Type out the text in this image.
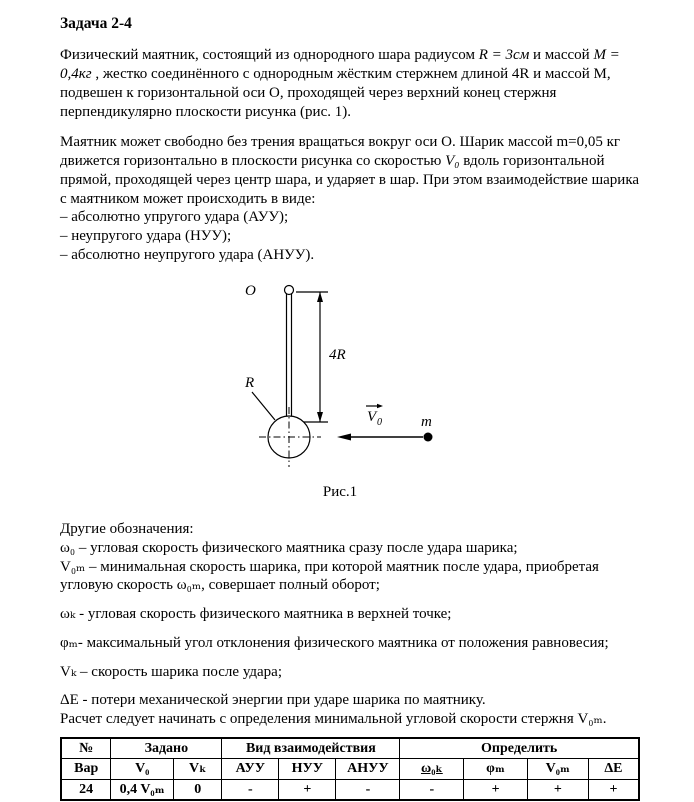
Задача 2-4

Физический маятник, состоящий из однородного шара радиусом R = 3см и массой М = 0,4кг , жестко соединённого с однородным жёстким стержнем длиной 4R и массой М, подвешен к горизонтальной оси О, проходящей через верхний конец стержня перпендикулярно плоскости рисунка (рис. 1).

Маятник может свободно без трения вращаться вокруг оси О. Шарик массой m=0,05 кг движется горизонтально в плоскости рисунка со скоростью V₀ вдоль горизонтальной прямой, проходящей через центр шара, и ударяет в шар. При этом взаимодействие шарика с маятником может происходить в виде:

– абсолютно упругого удара (АУУ);

– неупругого удара (НУУ);

– абсолютно неупругого удара (АНУУ).

O
4R
R
m
V 0
Рис.1

Другие обозначения:

ω₀ – угловая скорость физического маятника сразу после удара шарика;

V₀ₘ – минимальная скорость шарика, при которой маятник после удара, приобретая угловую скорость ω₀ₘ, совершает полный оборот;

ωₖ - угловая скорость физического маятника в верхней точке;

φₘ- максимальный угол отклонения физического маятника от положения равновесия;

Vₖ – скорость шарика после удара;

ΔЕ - потери механической энергии при ударе шарика по маятнику.

Расчет следует начинать с определения минимальной угловой скорости стержня V₀ₘ.

№	Задано		Вид взаимодействия			Определить			
Вар	V₀	Vₖ	АУУ	НУУ	АНУУ	ω₀ₖ	φₘ	V₀ₘ	ΔЕ
24	0,4 V₀ₘ	0	-	+	-	-	+	+	+
